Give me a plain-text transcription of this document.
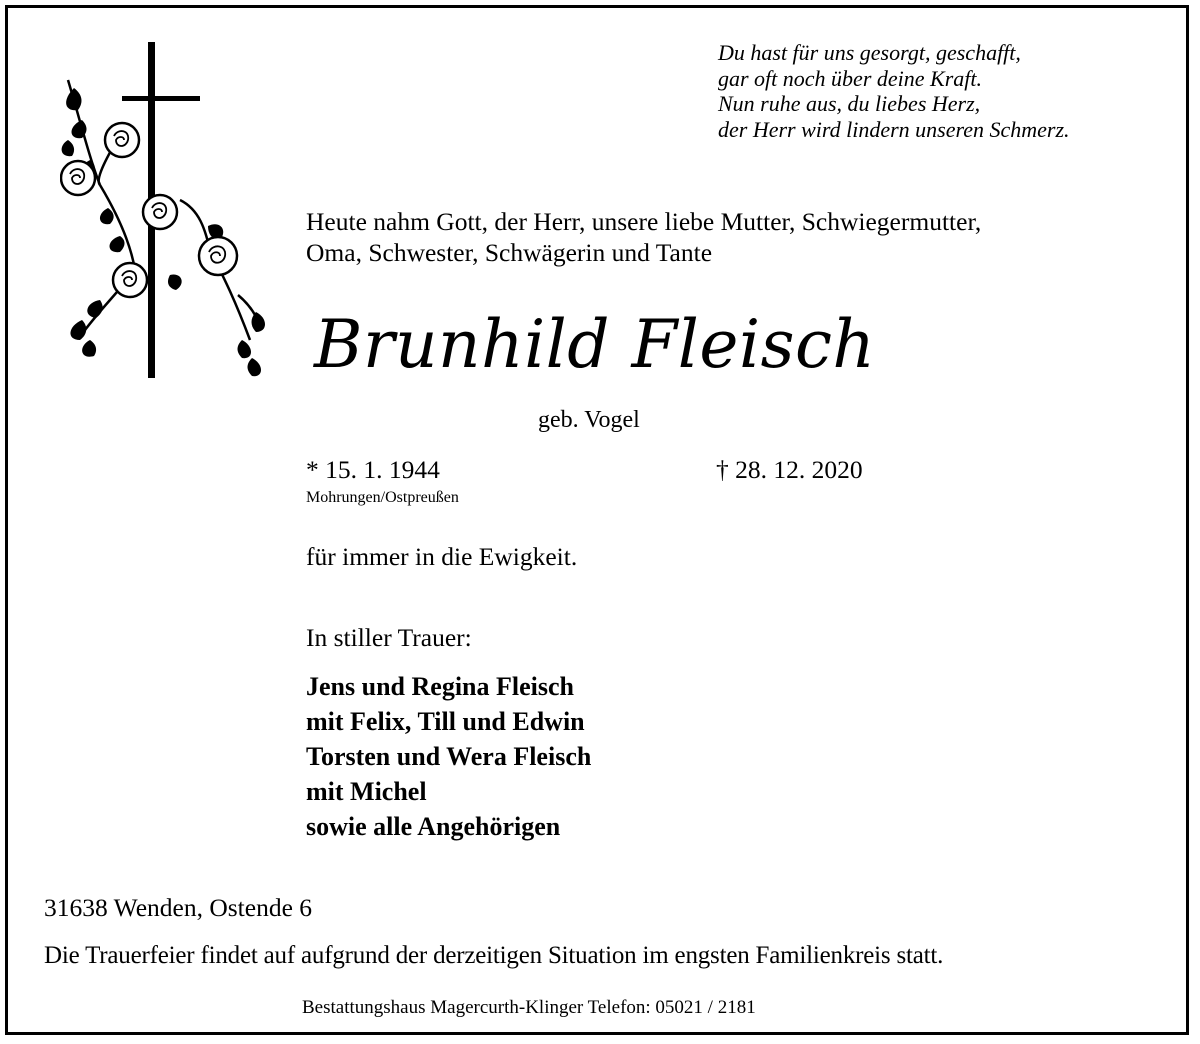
Du hast für uns gesorgt, geschafft,
gar oft noch über deine Kraft.
Nun ruhe aus, du liebes Herz,
der Herr wird lindern unseren Schmerz.
Heute nahm Gott, der Herr, unsere liebe Mutter, Schwiegermutter,
Oma, Schwester, Schwägerin und Tante
Brunhild Fleisch
geb. Vogel
* 15. 1. 1944
Mohrungen/Ostpreußen
† 28. 12. 2020
für immer in die Ewigkeit.
In stiller Trauer:
Jens und Regina Fleisch
mit Felix, Till und Edwin
Torsten und Wera Fleisch
mit Michel
sowie alle Angehörigen
31638 Wenden, Ostende 6
Die Trauerfeier findet auf aufgrund der derzeitigen Situation im engsten Familienkreis statt.
Bestattungshaus Magercurth-Klinger Telefon: 05021 / 2181
